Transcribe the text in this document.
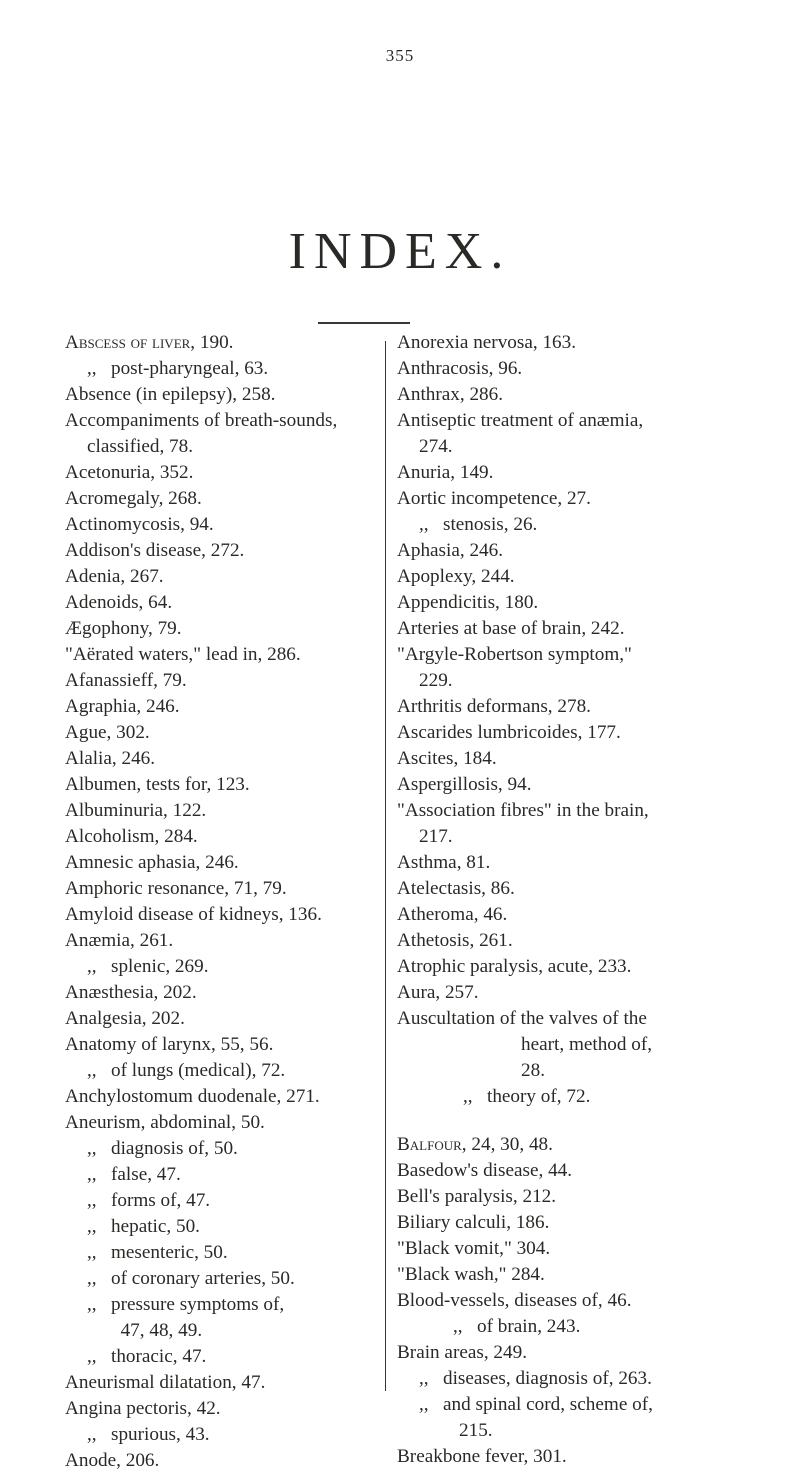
355
INDEX.
Abscess of liver, 190.
,,   post-pharyngeal, 63.
Absence (in epilepsy), 258.
Accompaniments of breath-sounds,
classified, 78.
Acetonuria, 352.
Acromegaly, 268.
Actinomycosis, 94.
Addison's disease, 272.
Adenia, 267.
Adenoids, 64.
Ægophony, 79.
"Aërated waters," lead in, 286.
Afanassieff, 79.
Agraphia, 246.
Ague, 302.
Alalia, 246.
Albumen, tests for, 123.
Albuminuria, 122.
Alcoholism, 284.
Amnesic aphasia, 246.
Amphoric resonance, 71, 79.
Amyloid disease of kidneys, 136.
Anæmia, 261.
,,   splenic, 269.
Anæsthesia, 202.
Analgesia, 202.
Anatomy of larynx, 55, 56.
,,   of lungs (medical), 72.
Anchylostomum duodenale, 271.
Aneurism, abdominal, 50.
,,   diagnosis of, 50.
,,   false, 47.
,,   forms of, 47.
,,   hepatic, 50.
,,   mesenteric, 50.
,,   of coronary arteries, 50.
,,   pressure symptoms of,
47, 48, 49.
,,   thoracic, 47.
Aneurismal dilatation, 47.
Angina pectoris, 42.
,,   spurious, 43.
Anode, 206.
Anorexia nervosa, 163.
Anthracosis, 96.
Anthrax, 286.
Antiseptic treatment of anæmia,
274.
Anuria, 149.
Aortic incompetence, 27.
,,   stenosis, 26.
Aphasia, 246.
Apoplexy, 244.
Appendicitis, 180.
Arteries at base of brain, 242.
"Argyle-Robertson symptom,"
229.
Arthritis deformans, 278.
Ascarides lumbricoides, 177.
Ascites, 184.
Aspergillosis, 94.
"Association fibres" in the brain,
217.
Asthma, 81.
Atelectasis, 86.
Atheroma, 46.
Athetosis, 261.
Atrophic paralysis, acute, 233.
Aura, 257.
Auscultation of the valves of the
heart, method of,
28.
,,   theory of, 72.
Balfour, 24, 30, 48.
Basedow's disease, 44.
Bell's paralysis, 212.
Biliary calculi, 186.
"Black vomit," 304.
"Black wash," 284.
Blood-vessels, diseases of, 46.
,,   of brain, 243.
Brain areas, 249.
,,   diseases, diagnosis of, 263.
,,   and spinal cord, scheme of,
215.
Breakbone fever, 301.
